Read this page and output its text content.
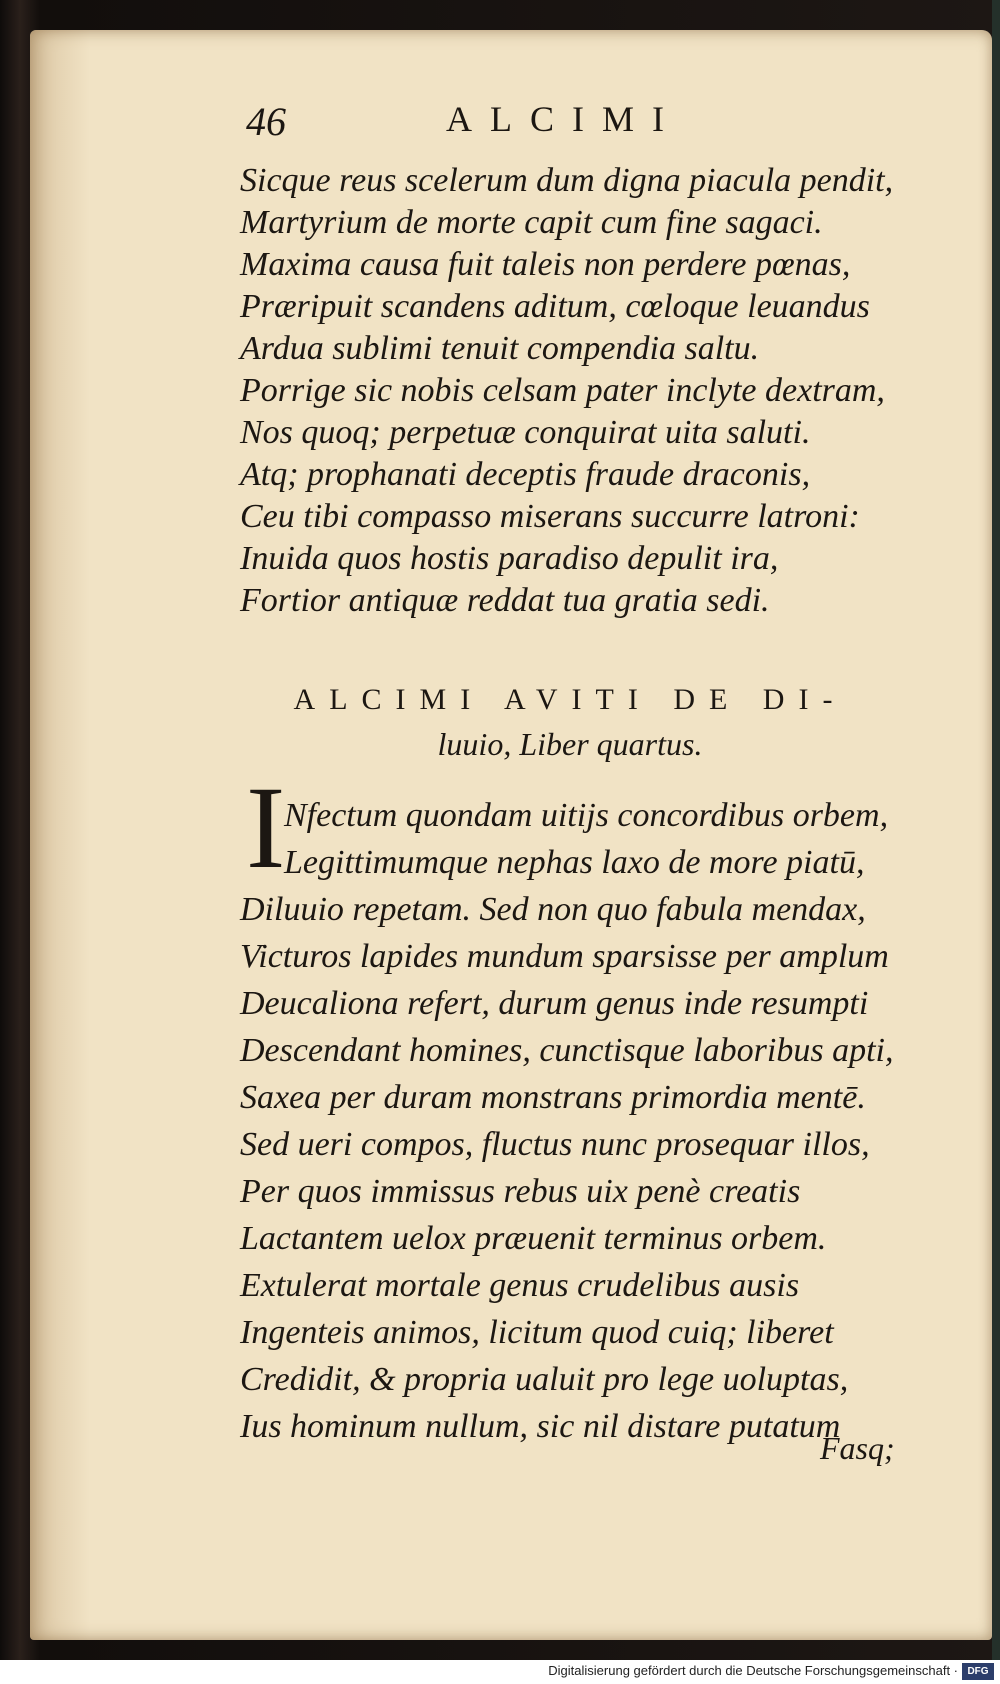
46	ALCIMI
Sicque reus scelerum dum digna piacula pendit,
Martyrium de morte capit cum fine sagaci.
Maxima causa fuit taleis non perdere pœnas,
Præripuit scandens aditum, cœloque leuandus
Ardua sublimi tenuit compendia saltu.
Porrige sic nobis celsam pater inclyte dextram,
Nos quoq; perpetuæ conquirat uita saluti.
Atq; prophanati deceptis fraude draconis,
Ceu tibi compasso miserans succurre latroni:
Inuida quos hostis paradiso depulit ira,
Fortior antiquæ reddat tua gratia sedi.
ALCIMI AVITI DE DI-
luuio, Liber quartus.
I
Nfectum quondam uitijs concordibus orbem,
Legittimumque nephas laxo de more piatū,
Diluuio repetam. Sed non quo fabula mendax,
Victuros lapides mundum sparsisse per amplum
Deucaliona refert, durum genus inde resumpti
Descendant homines, cunctisque laboribus apti,
Saxea per duram monstrans primordia mentē.
Sed ueri compos, fluctus nunc prosequar illos,
Per quos immissus rebus uix penè creatis
Lactantem uelox præuenit terminus orbem.
Extulerat mortale genus crudelibus ausis
Ingenteis animos, licitum quod cuiq; liberet
Credidit, & propria ualuit pro lege uoluptas,
Ius hominum nullum, sic nil distare putatum
Fasq;
Digitalisierung gefördert durch die Deutsche Forschungsgemeinschaft · DFG
